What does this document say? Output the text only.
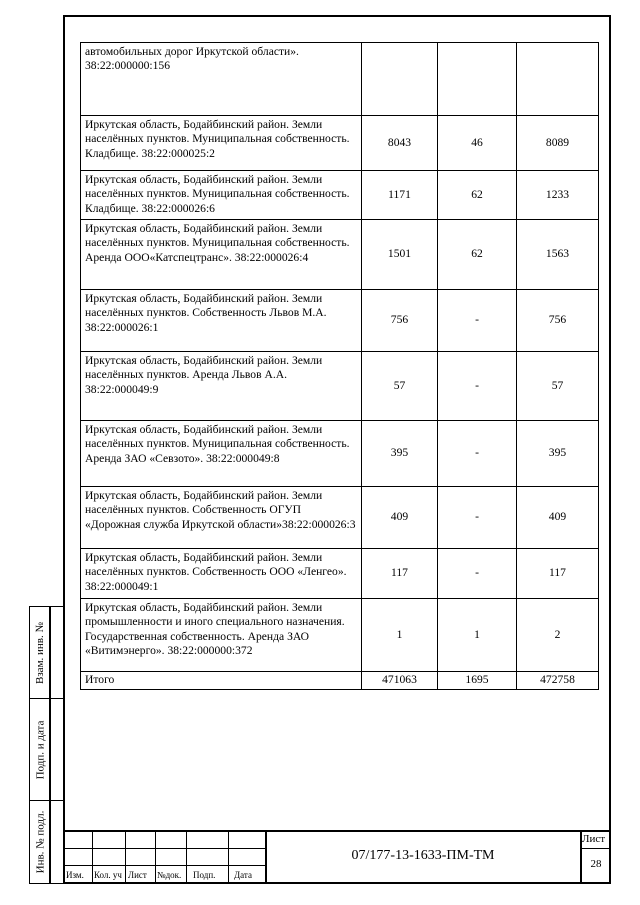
автомобильных дорог Иркутской области». 38:22:000000:156			
Иркутская область, Бодайбинский район. Земли населённых пунктов. Муниципальная собственность. Кладбище. 38:22:000025:2	8043	46	8089
Иркутская область, Бодайбинский район. Земли населённых пунктов. Муниципальная собственность. Кладбище. 38:22:000026:6	1171	62	1233
Иркутская область, Бодайбинский район. Земли населённых пунктов. Муниципальная собственность. Аренда ООО«Катспецтранс». 38:22:000026:4	1501	62	1563
Иркутская область, Бодайбинский район. Земли населённых пунктов. Собственность Львов М.А. 38:22:000026:1	756	-	756
Иркутская область, Бодайбинский район. Земли населённых пунктов. Аренда Львов А.А. 38:22:000049:9	57	-	57
Иркутская область, Бодайбинский район. Земли населённых пунктов. Муниципальная собственность. Аренда ЗАО «Севзото». 38:22:000049:8	395	-	395
Иркутская область, Бодайбинский район. Земли населённых пунктов. Собственность ОГУП «Дорожная служба Иркутской области»38:22:000026:3	409	-	409
Иркутская область, Бодайбинский район. Земли населённых пунктов. Собственность ООО «Ленгео». 38:22:000049:1	117	-	117
Иркутская область, Бодайбинский район. Земли промышленности и иного специального назначения. Государственная собственность. Аренда ЗАО «Витимэнерго». 38:22:000000:372	1	1	2
Итого	471063	1695	472758
Взам. инв. №
Подп. и дата
Инв. № подл.
Изм. Кол. уч Лист №док. Подп. Дата
07/177-13-1633-ПМ-ТМ
Лист
28
